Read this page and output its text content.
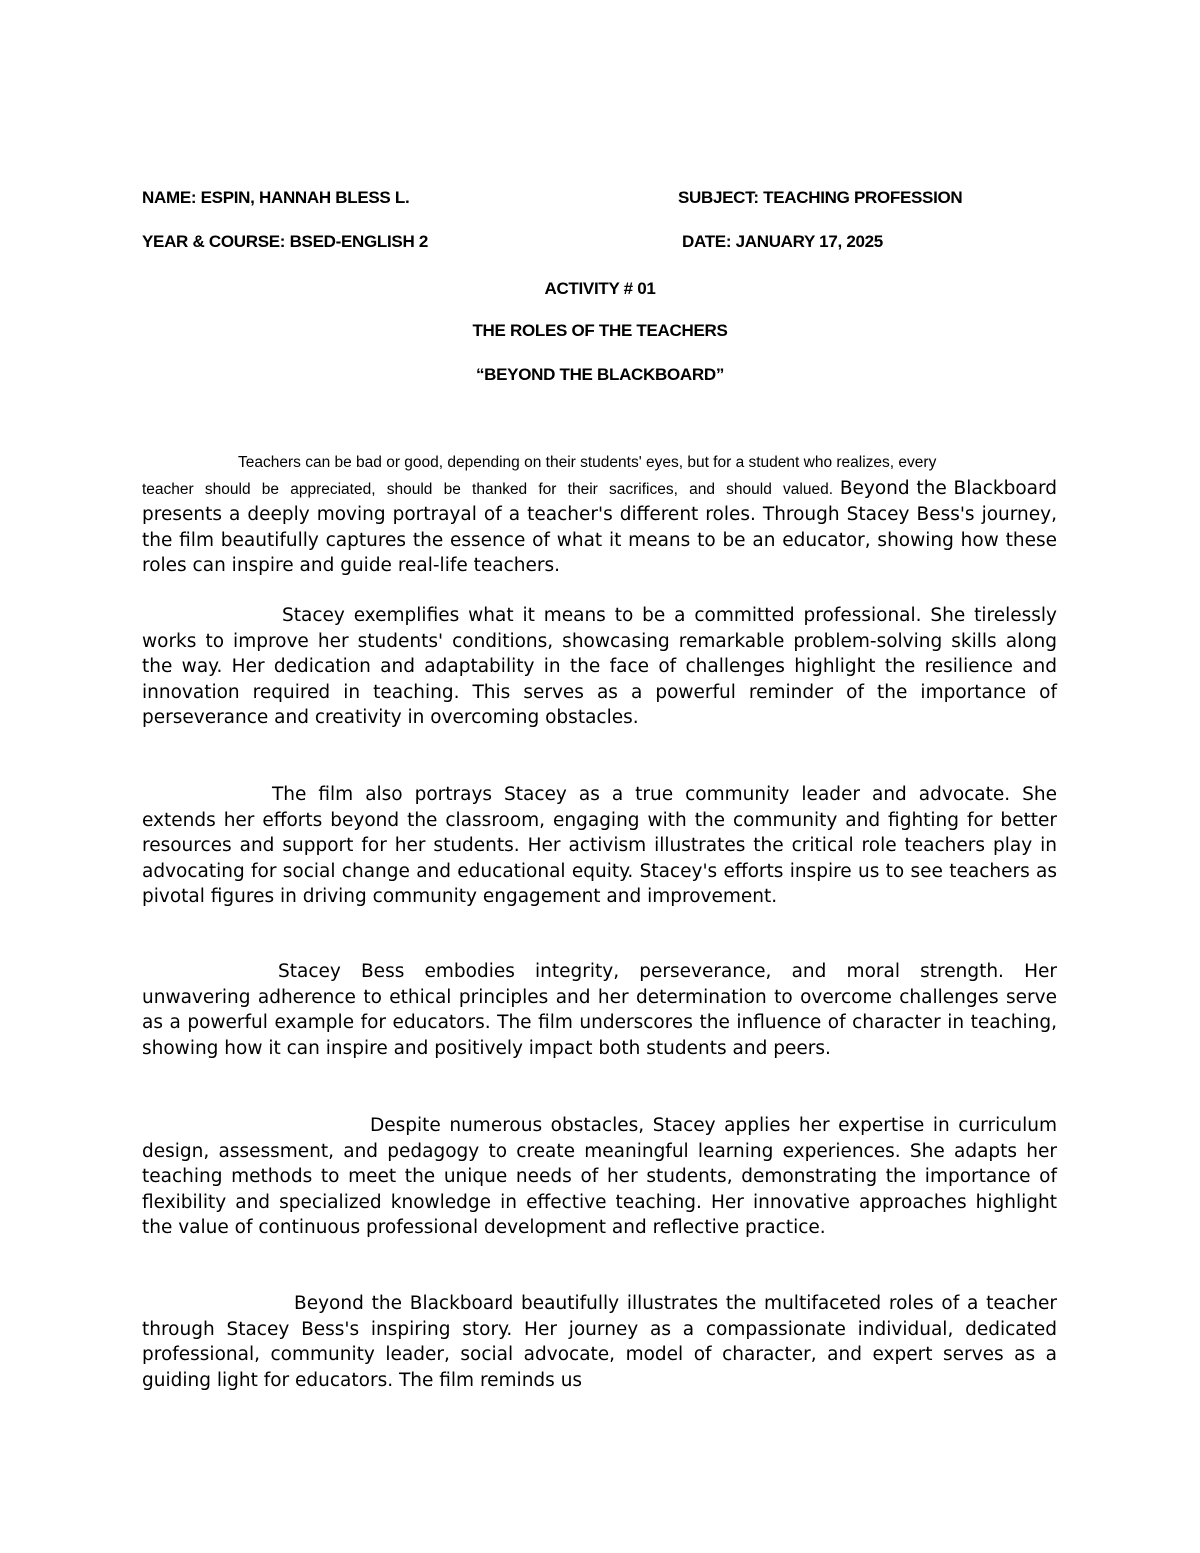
NAME: ESPIN, HANNAH BLESS L.	SUBJECT: TEACHING PROFESSION
YEAR & COURSE: BSED-ENGLISH 2	DATE: JANUARY 17, 2025
ACTIVITY # 01
THE ROLES OF THE TEACHERS
“BEYOND THE BLACKBOARD”
Teachers can be bad or good, depending on their students' eyes, but for a student who realizes, every
teacher should be appreciated, should be thanked for their sacrifices, and should valued. Beyond the Blackboard presents a deeply moving portrayal of a teacher's different roles. Through Stacey Bess's journey, the film beautifully captures the essence of what it means to be an educator, showing how these roles can inspire and guide real-life teachers.

Stacey exemplifies what it means to be a committed professional. She tirelessly works to improve her students' conditions, showcasing remarkable problem-solving skills along the way. Her dedication and adaptability in the face of challenges highlight the resilience and innovation required in teaching. This serves as a powerful reminder of the importance of perseverance and creativity in overcoming obstacles.

The film also portrays Stacey as a true community leader and advocate. She extends her efforts beyond the classroom, engaging with the community and fighting for better resources and support for her students. Her activism illustrates the critical role teachers play in advocating for social change and educational equity. Stacey's efforts inspire us to see teachers as pivotal figures in driving community engagement and improvement.

Stacey Bess embodies integrity, perseverance, and moral strength. Her unwavering adherence to ethical principles and her determination to overcome challenges serve as a powerful example for educators. The film underscores the influence of character in teaching, showing how it can inspire and positively impact both students and peers.

Despite numerous obstacles, Stacey applies her expertise in curriculum design, assessment, and pedagogy to create meaningful learning experiences. She adapts her teaching methods to meet the unique needs of her students, demonstrating the importance of flexibility and specialized knowledge in effective teaching. Her innovative approaches highlight the value of continuous professional development and reflective practice.

Beyond the Blackboard beautifully illustrates the multifaceted roles of a teacher through Stacey Bess's inspiring story. Her journey as a compassionate individual, dedicated professional, community leader, social advocate, model of character, and expert serves as a guiding light for educators. The film reminds us
